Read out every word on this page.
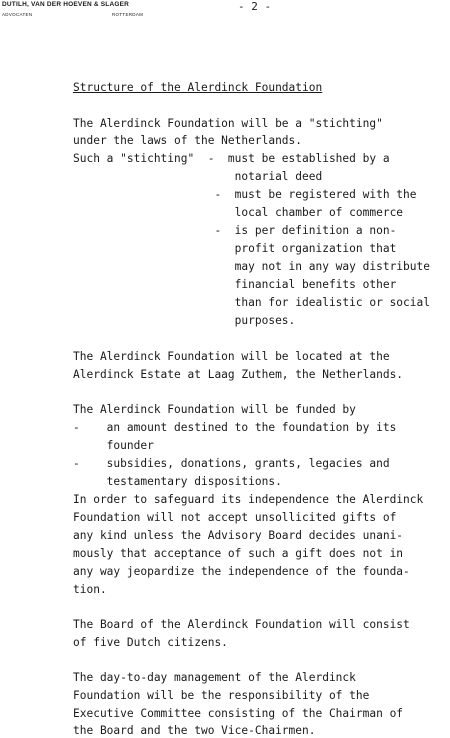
DUTILH, VAN DER HOEVEN & SLAGER
ADVOCATEN	ROTTERDAM
- 2 -
Structure of the Alerdinck Foundation
The Alerdinck Foundation will be a "stichting"
under the laws of the Netherlands.
Such a "stichting"  -  must be established by a
notarial deed
-  must be registered with the
local chamber of commerce
-  is per definition a non-
profit organization that
may not in any way distribute
financial benefits other
than for idealistic or social
purposes.
The Alerdinck Foundation will be located at the
Alerdinck Estate at Laag Zuthem, the Netherlands.
The Alerdinck Foundation will be funded by
-    an amount destined to the foundation by its
founder
-    subsidies, donations, grants, legacies and
testamentary dispositions.
In order to safeguard its independence the Alerdinck
Foundation will not accept unsollicited gifts of
any kind unless the Advisory Board decides unani-
mously that acceptance of such a gift does not in
any way jeopardize the independence of the founda-
tion.
The Board of the Alerdinck Foundation will consist
of five Dutch citizens.
The day-to-day management of the Alerdinck
Foundation will be the responsibility of the
Executive Committee consisting of the Chairman of
the Board and the two Vice-Chairmen.
